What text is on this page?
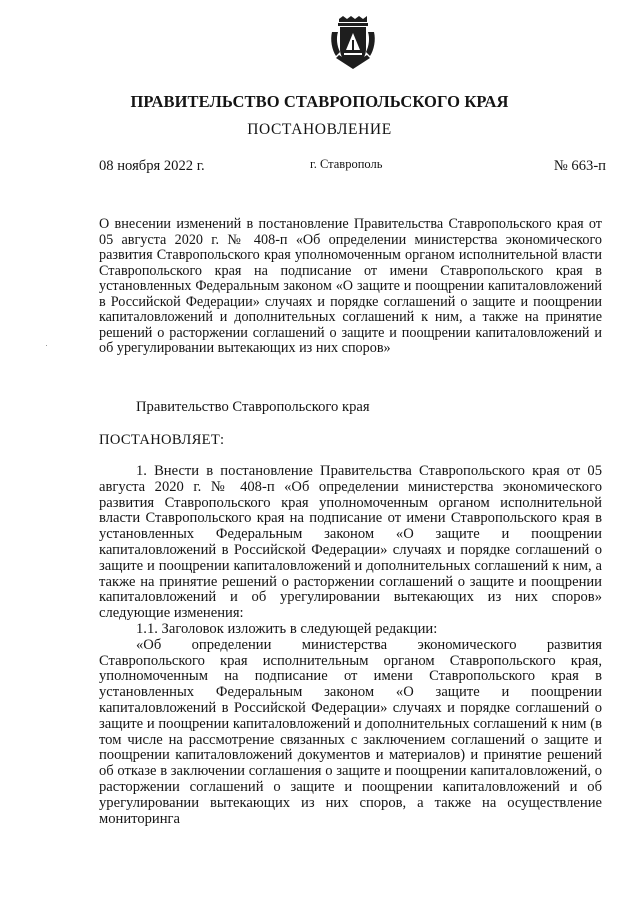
ПРАВИТЕЛЬСТВО СТАВРОПОЛЬСКОГО КРАЯ
ПОСТАНОВЛЕНИЕ
08 ноября 2022 г.	г. Ставрополь	№ 663-п
О внесении изменений в постановление Правительства Ставропольского края от 05 августа 2020 г. № 408-п «Об определении министерства экономического развития Ставропольского края уполномоченным органом исполнительной власти Ставропольского края на подписание от имени Ставропольского края в установленных Федеральным законом «О защите и поощрении капиталовложений в Российской Федерации» случаях и порядке соглашений о защите и поощрении капиталовложений и дополнительных соглашений к ним, а также на принятие решений о расторжении соглашений о защите и поощрении капиталовложений и об урегулировании вытекающих из них споров»
Правительство Ставропольского края
ПОСТАНОВЛЯЕТ:

1. Внести в постановление Правительства Ставропольского края от 05 августа 2020 г. № 408-п «Об определении министерства экономического развития Ставропольского края уполномоченным органом исполнительной власти Ставропольского края на подписание от имени Ставропольского края в установленных Федеральным законом «О защите и поощрении капиталовложений в Российской Федерации» случаях и порядке соглашений о защите и поощрении капиталовложений и дополнительных соглашений к ним, а также на принятие решений о расторжении соглашений о защите и поощрении капиталовложений и об урегулировании вытекающих из них споров» следующие изменения:

1.1. Заголовок изложить в следующей редакции:

«Об определении министерства экономического развития Ставропольского края исполнительным органом Ставропольского края, уполномоченным на подписание от имени Ставропольского края в установленных Федеральным законом «О защите и поощрении капиталовложений в Российской Федерации» случаях и порядке соглашений о защите и поощрении капиталовложений и дополнительных соглашений к ним (в том числе на рассмотрение связанных с заключением соглашений о защите и поощрении капиталовложений документов и материалов) и принятие решений об отказе в заключении соглашения о защите и поощрении капиталовложений, о расторжении соглашений о защите и поощрении капиталовложений и об урегулировании вытекающих из них споров, а также на осуществление мониторинга
